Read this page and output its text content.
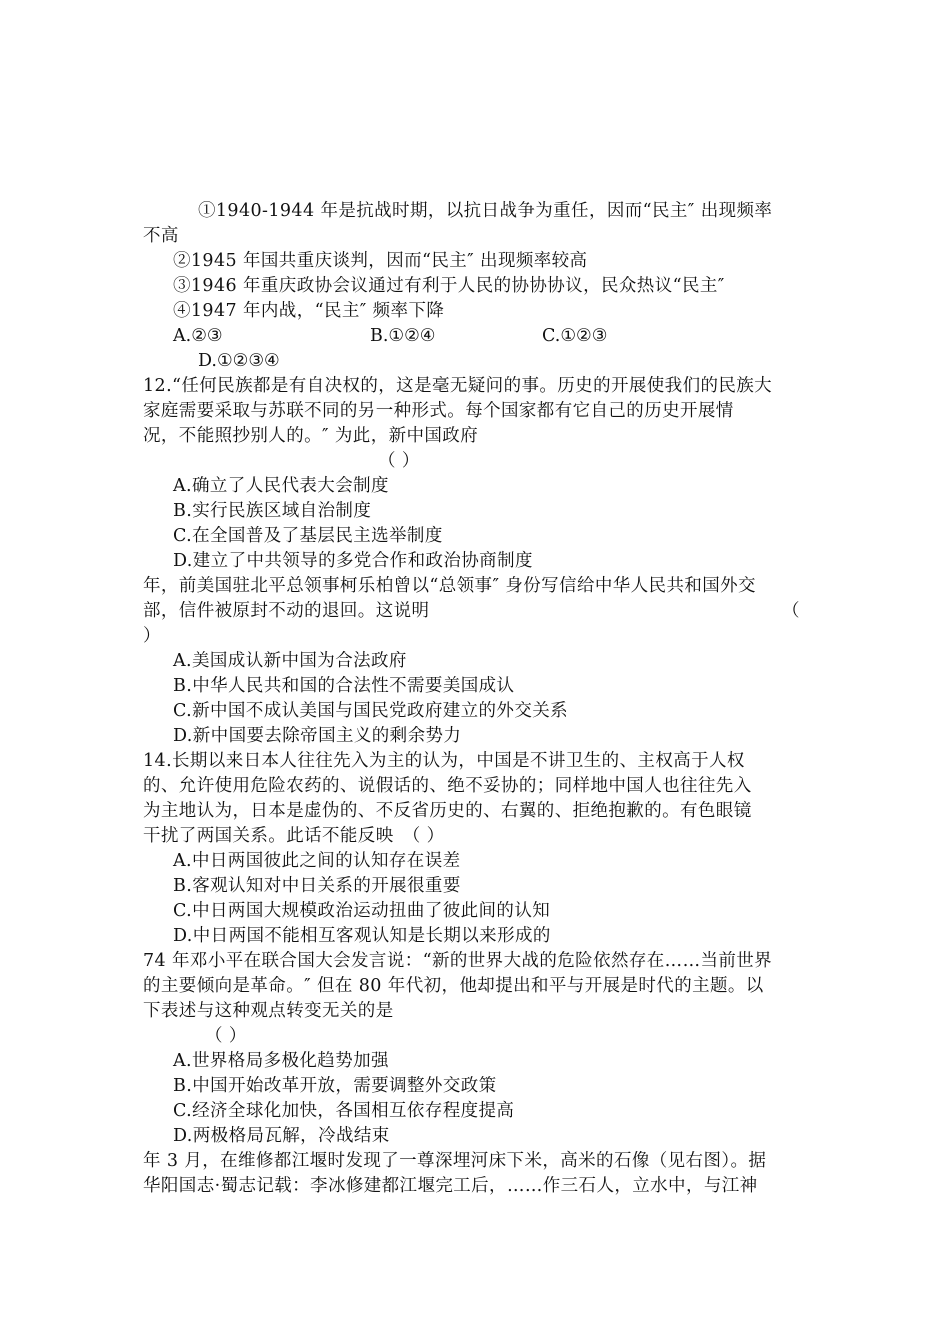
①1940-1944 年是抗战时期，以抗日战争为重任，因而“民主″ 出现频率
不高
②1945 年国共重庆谈判，因而“民主″ 出现频率较高
③1946 年重庆政协会议通过有利于人民的协协协议，民众热议“民主″
④1947 年内战，“民主″ 频率下降
A.②③	B.①②④	C.①②③
D.①②③④
12.“任何民族都是有自决权的，这是毫无疑问的事。历史的开展使我们的民族大
家庭需要采取与苏联不同的另一种形式。每个国家都有它自己的历史开展情
况，不能照抄别人的。″ 为此，新中国政府
（ ）
A.确立了人民代表大会制度
B.实行民族区域自治制度
C.在全国普及了基层民主选举制度
D.建立了中共领导的多党合作和政治协商制度
年，前美国驻北平总领事柯乐柏曾以“总领事″ 身份写信给中华人民共和国外交
部，信件被原封不动的退回。这说明	（
）
A.美国成认新中国为合法政府
B.中华人民共和国的合法性不需要美国成认
C.新中国不成认美国与国民党政府建立的外交关系
D.新中国要去除帝国主义的剩余势力
14.长期以来日本人往往先入为主的认为，中国是不讲卫生的、主权高于人权
的、允许使用危险农药的、说假话的、绝不妥协的；同样地中国人也往往先入
为主地认为，日本是虚伪的、不反省历史的、右翼的、拒绝抱歉的。有色眼镜
干扰了两国关系。此话不能反映　（ ）
A.中日两国彼此之间的认知存在误差
B.客观认知对中日关系的开展很重要
C.中日两国大规模政治运动扭曲了彼此间的认知
D.中日两国不能相互客观认知是长期以来形成的
74 年邓小平在联合国大会发言说：“新的世界大战的危险依然存在……当前世界
的主要倾向是革命。″ 但在 80 年代初，他却提出和平与开展是时代的主题。以
下表述与这种观点转变无关的是
（ ）
A.世界格局多极化趋势加强
B.中国开始改革开放，需要调整外交政策
C.经济全球化加快，各国相互依存程度提高
D.两极格局瓦解，冷战结束
年 3 月，在维修都江堰时发现了一尊深埋河床下米，高米的石像（见右图）。据
华阳国志·蜀志记载：李冰修建都江堰完工后，……作三石人，立水中，与江神
